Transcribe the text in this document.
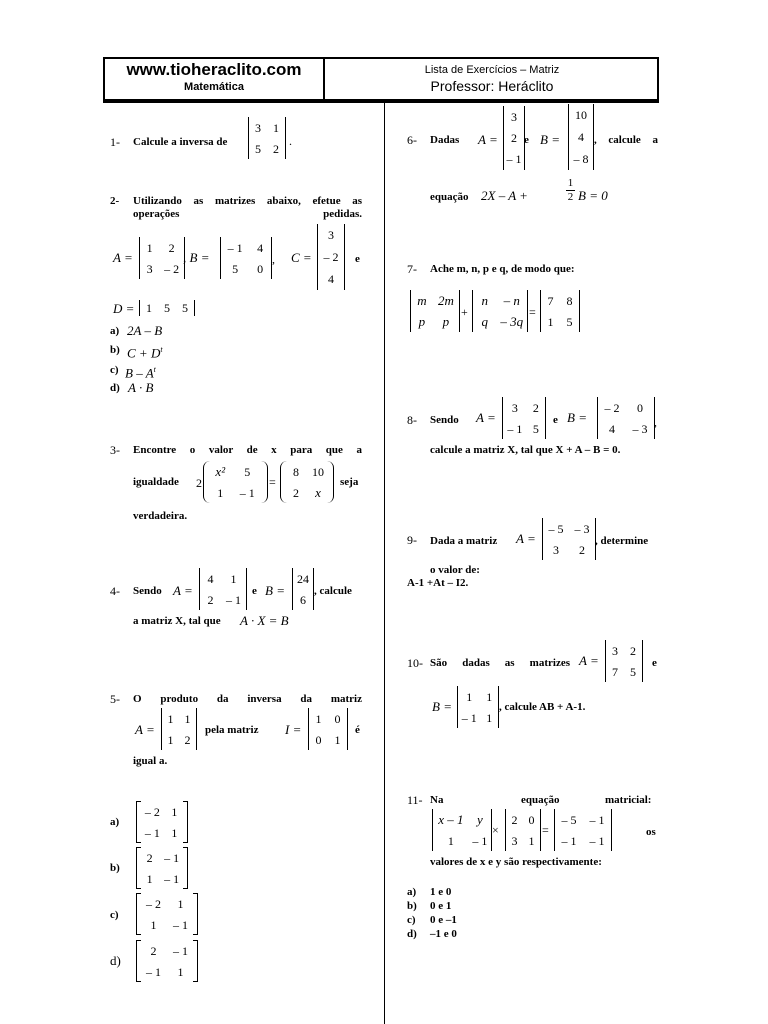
www.tioheraclito.com
Matemática
Lista de Exercícios – Matriz
Professor: Heráclito
1- Calcule a inversa de
3 1
5 2
.
2- Utilizando as matrizes abaixo, efetue as operações pedidas.
A =
1 2
3 – 2
, B =
– 1 4
5 0
, C =
3
– 2
4
e
D = 1 5 5
a) 2A – B
b) $C + D^t$
c) B – $A^t$
d) A · B
3- Encontre o valor de x para que a
igualdade 2
x² 5
1 – 1
=
8 10
2 x
seja
verdadeira.
4- Sendo A =
4 1
2 – 1
e B =
24
6
, calcule
a matriz X, tal que A · X = B
5- O produto da inversa da matriz
A =
1 1
1 2
pela matriz I =
1 0
0 1
é
igual a.
a)
– 2 1
– 1 1
b)
2 – 1
1 – 1
c)
– 2 1
1 – 1
d)
2 – 1
– 1 1
6- Dadas A =
3
2
– 1
e B =
10
4
– 8
, calcule a
equação 2X – A +
1
2 B = 0
7- Ache m, n, p e q, de modo que:
m 2m
p p
+
n – n
q – 3q
=
7 8
1 5
8- Sendo A =
3 2
– 1 5
e B =
– 2 0
4 – 3 ,
calcule a matriz X, tal que X + A – B = 0.
9- Dada a matriz A =
– 5 – 3
3 2
, determine
o valor de:
A-1 +At – I2.
10- São dadas as matrizes A =
3 2
7 5
e
B =
1 1
– 1 1
, calcule AB + A-1.
11- Na	equação	matricial:
x – 1 y
1 – 1
×
2 0
3 1
=
– 5 – 1
– 1 – 1
os
valores de x e y são respectivamente:
a) 1 e 0
b) 0 e 1
c) 0 e –1
d) –1 e 0
